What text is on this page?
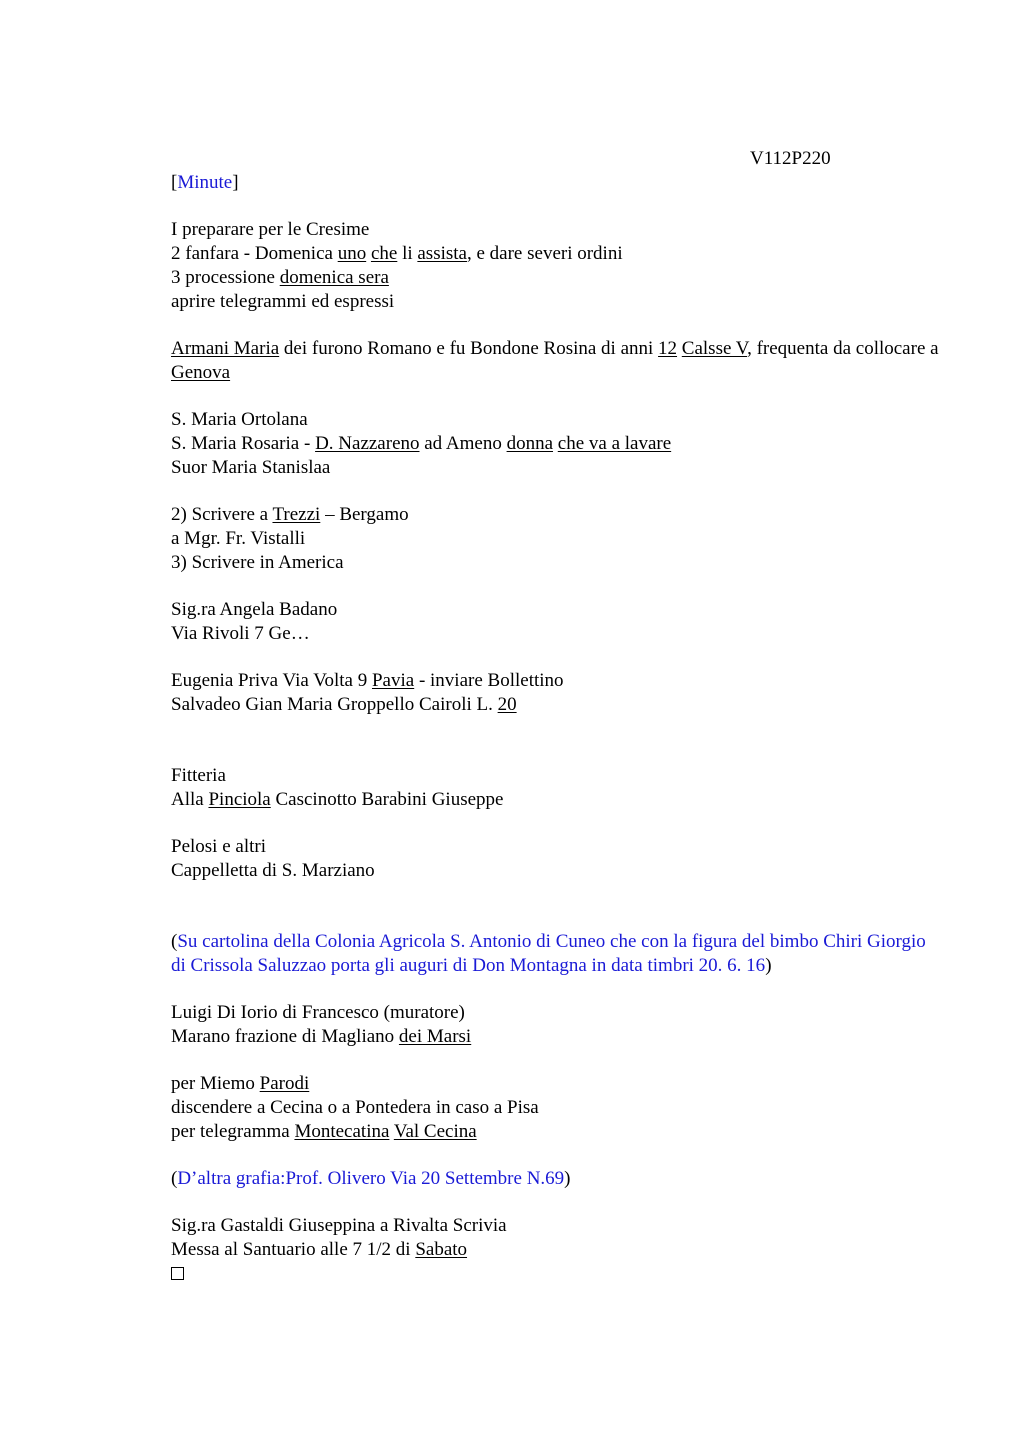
V112P220

[Minute]

I preparare per le Cresime

2 fanfara - Domenica uno che li assista, e dare severi ordini

3 processione domenica sera

aprire telegrammi ed espressi

Armani Maria dei furono Romano e fu Bondone Rosina di anni 12 Calsse V, frequenta da collocare a Genova

S. Maria Ortolana

S. Maria Rosaria - D. Nazzareno ad Ameno donna che va a lavare

Suor Maria Stanislaa

2) Scrivere a Trezzi – Bergamo

a Mgr. Fr. Vistalli

3) Scrivere in America

Sig.ra Angela Badano

Via Rivoli 7 Ge…

Eugenia Priva Via Volta 9 Pavia - inviare Bollettino

Salvadeo Gian Maria Groppello Cairoli L. 20

Fitteria

Alla Pinciola Cascinotto Barabini Giuseppe

Pelosi e altri

Cappelletta di S. Marziano

(Su cartolina della Colonia Agricola S. Antonio di Cuneo che con la figura del bimbo Chiri Giorgio di Crissola Saluzzao porta gli auguri di Don Montagna in data timbri 20. 6. 16)

Luigi Di Iorio di Francesco (muratore)

Marano frazione di Magliano dei Marsi

per Miemo Parodi

discendere a Cecina o a Pontedera in caso a Pisa

per telegramma Montecatina Val Cecina

(D’altra grafia:Prof. Olivero Via 20 Settembre N.69)

Sig.ra Gastaldi Giuseppina a Rivalta Scrivia

Messa al Santuario alle 7 1/2 di Sabato
